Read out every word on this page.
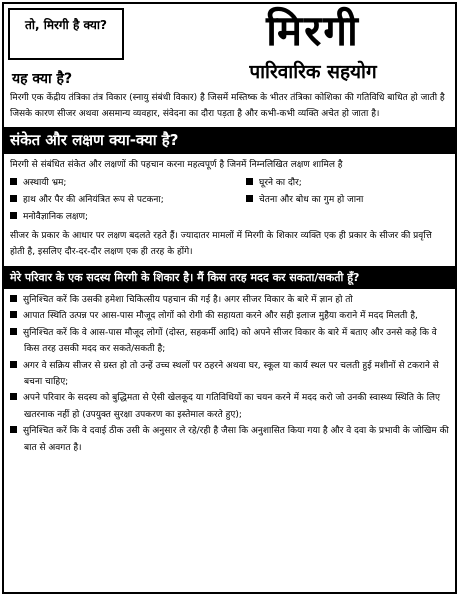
तो, मिरगी है क्या?	मिरगी
पारिवारिक सहयोग
यह क्या है?
मिरगी एक केंद्रीय तंत्रिका तंत्र विकार (स्नायु संबंधी विकार) है जिसमें मस्तिष्क के भीतर तंत्रिका कोशिका की गतिविधि बाधित हो जाती है जिसके कारण सीजर अथवा असमान्य व्यवहार, संवेदना का दौरा पड़ता है और कभी-कभी व्यक्ति अचेत हो जाता है।
संकेत और लक्षण क्या-क्या है?
मिरगी से संबंधित संकेत और लक्षणों की पहचान करना महत्वपूर्ण है जिनमें निम्नलिखित लक्षण शामिल है
अस्थायी भ्रम;	घूरने का दौर;
हाथ और पैर की अनियंत्रित रूप से पटकना;	चेतना और बोध का गुम हो जाना
मनोवैज्ञानिक लक्षण;
सीजर के प्रकार के आधार पर लक्षण बदलते रहते हैं। ज्यादातर मामलों में मिरगी के शिकार व्यक्ति एक ही प्रकार के सीजर की प्रवृत्ति होती है, इसलिए दौर-दर-दौर लक्षण एक ही तरह के होंगे।
मेरे परिवार के एक सदस्य मिरगी के शिकार है। मैं किस तरह मदद कर सकता/सकती हूँ?
सुनिश्चित करें कि उसकी हमेशा चिकित्सीय पहचान की गई है। अगर सीजर विकार के बारे में ज्ञान हो तो
आपात स्थिति उत्पन्न पर आस-पास मौजूद लोगों को रोगी की सहायता करने और सही इलाज मुहैया कराने में मदद मिलती है,
सुनिश्चित करें कि वे आस-पास मौजूद लोगों (दोस्त, सहकर्मी आदि) को अपने सीजर विकार के बारे में बताए और उनसे कहे कि वे किस तरह उसकी मदद कर सकते/सकती है;
अगर वे सक्रिय सीजर से ग्रस्त हो तो उन्हें उच्च स्थलों पर ठहरने अथवा घर, स्कूल या कार्य स्थल पर चलती हुई मशीनों से टकराने से बचना चाहिए;
अपने परिवार के सदस्य को बुद्धिमता से ऐसी खेलकूद या गतिविधियों का चयन करने में मदद करो जो उनकी स्वास्थ्य स्थिति के लिए खतरनाक नहीं हो (उपयुक्त सुरक्षा उपकरण का इस्तेमाल करते हुए);
सुनिश्चित करें कि वे दवाई ठीक उसी के अनुसार ले रहे/रही है जैसा कि अनुशासित किया गया है और वे दवा के प्रभावी के जोखिम की बात से अवगत है।
